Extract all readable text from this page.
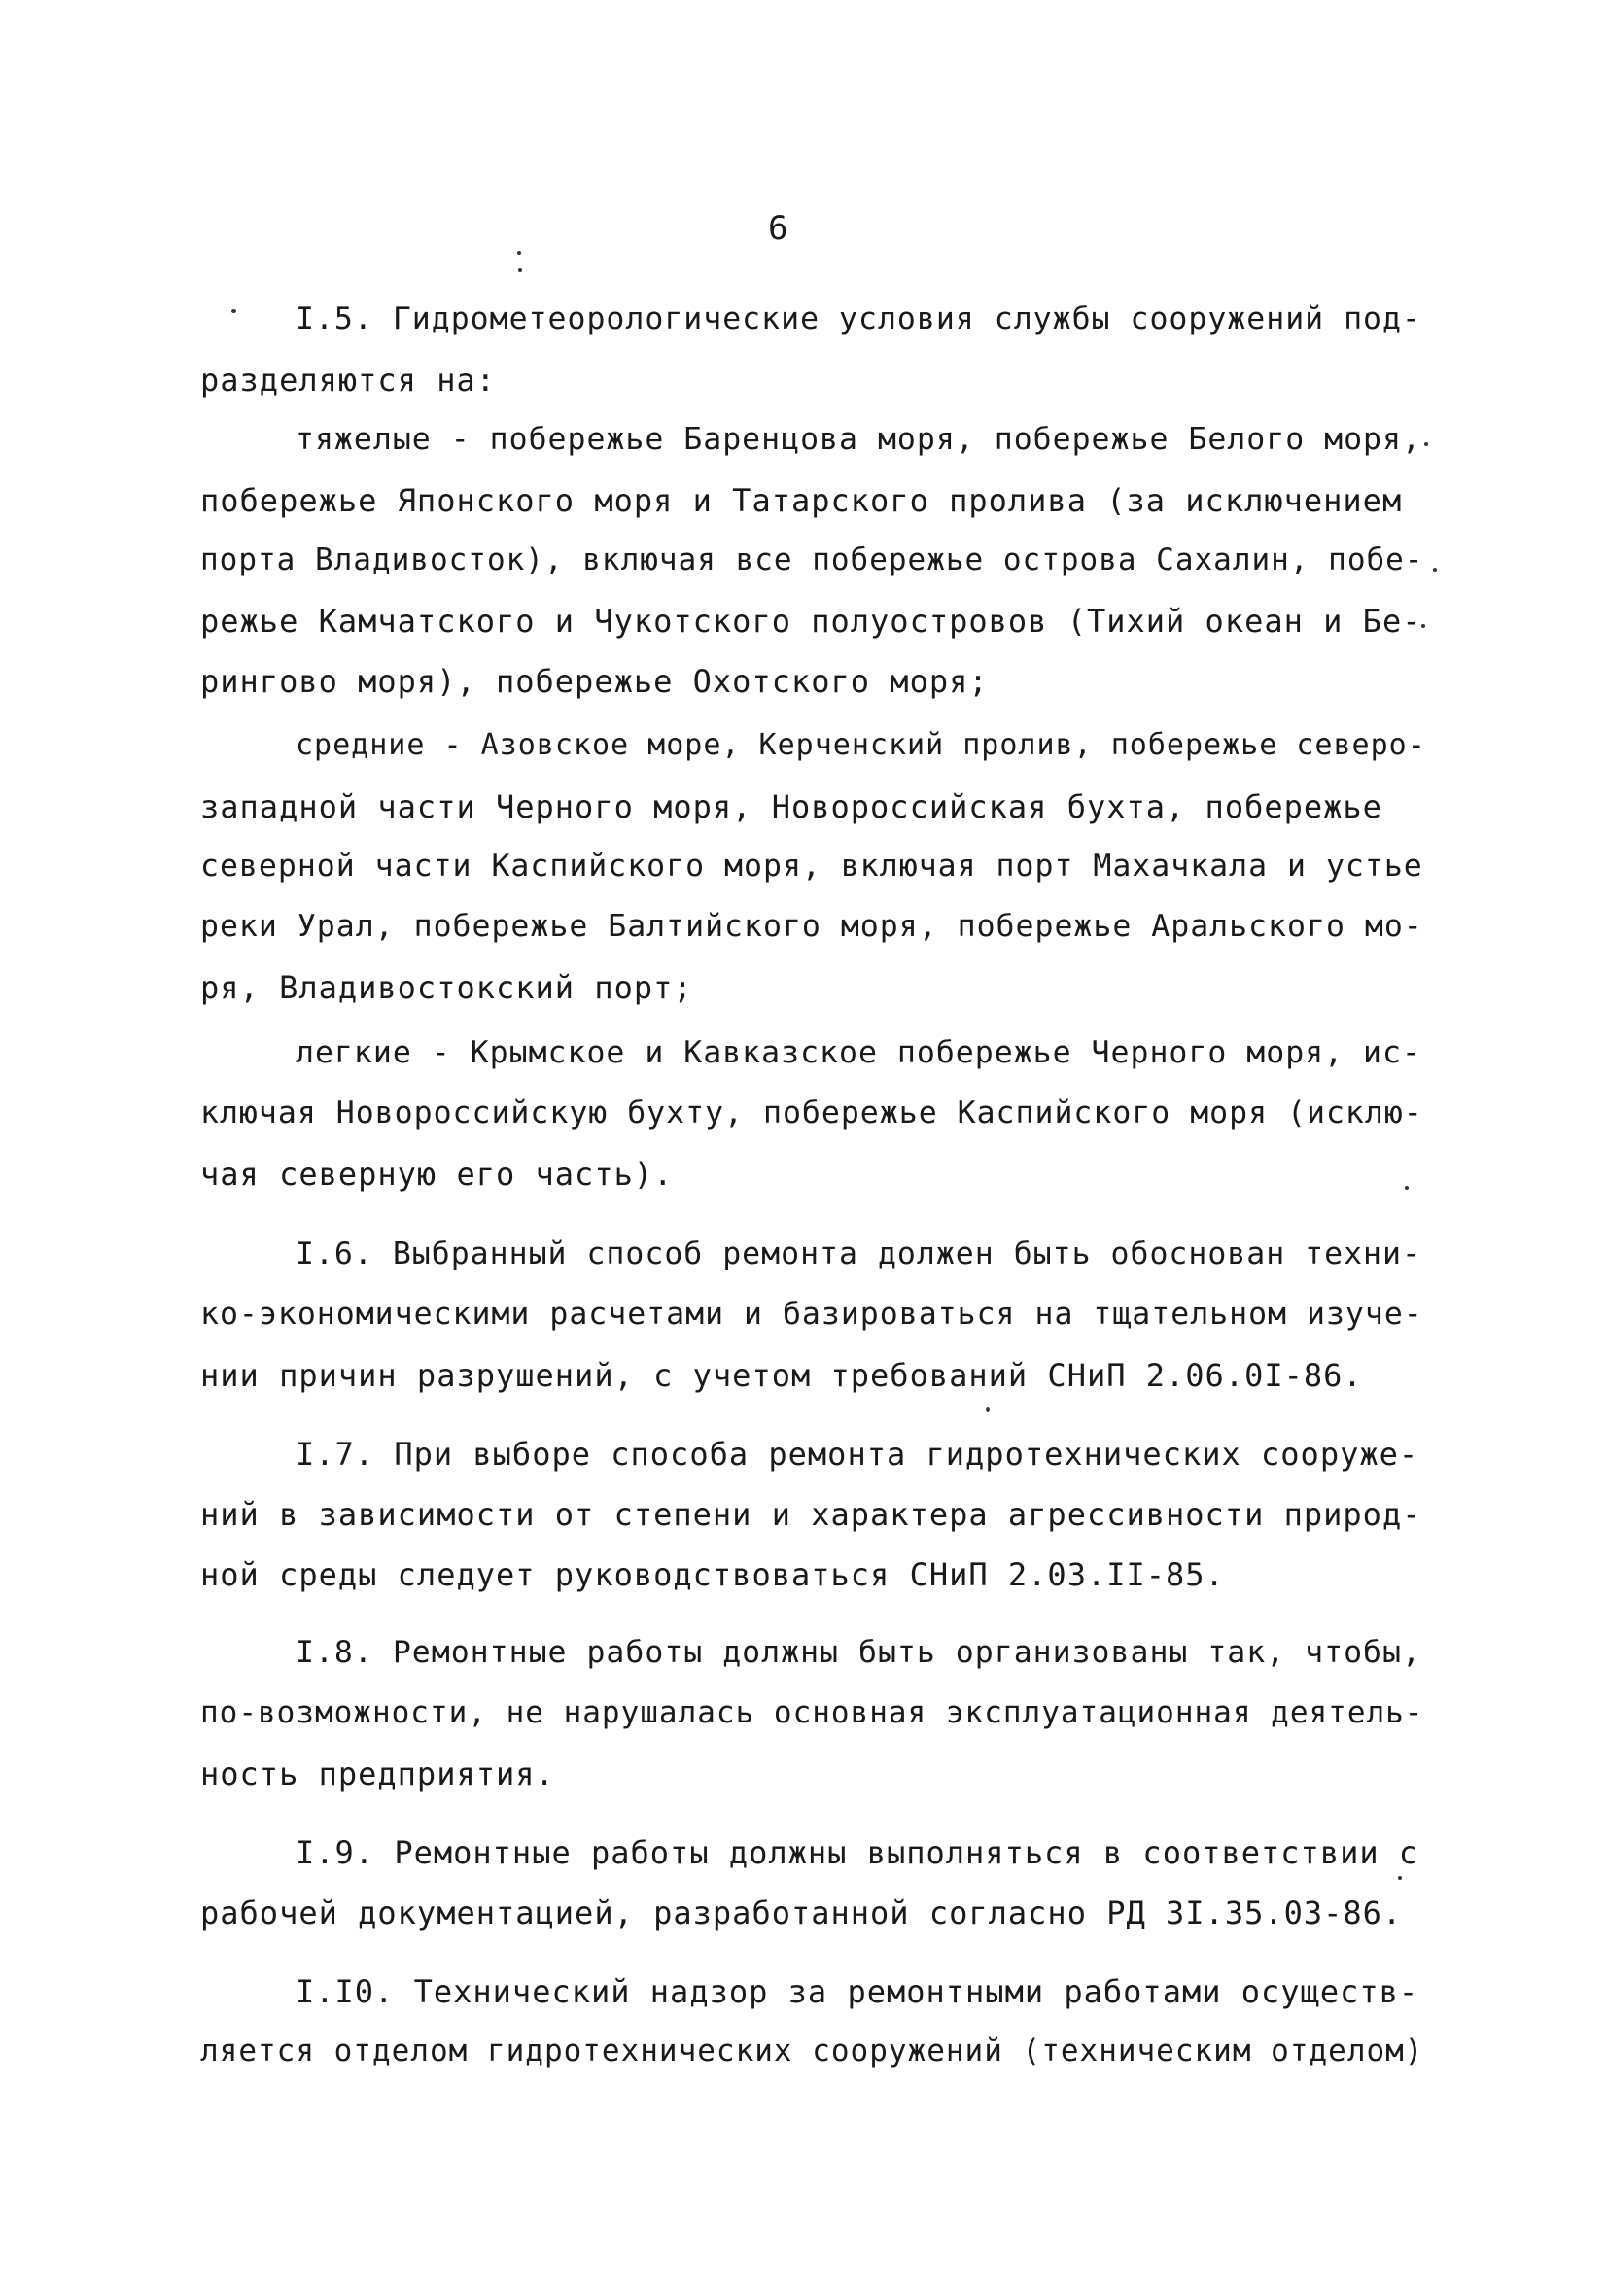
6
I.5. Гидрометеорологические условия службы сооружений под-
разделяются на:
тяжелые - побережье Баренцова моря, побережье Белого моря,
побережье Японского моря и Татарского пролива (за исключением
порта Владивосток), включая все побережье острова Сахалин, побе-
режье Камчатского и Чукотского полуостровов (Тихий океан и Бе-
рингово моря), побережье Охотского моря;
средние - Азовское море, Керченский пролив, побережье северо-
западной части Черного моря, Новороссийская бухта, побережье
северной части Каспийского моря, включая порт Махачкала и устье
реки Урал, побережье Балтийского моря, побережье Аральского мо-
ря, Владивостокский порт;
легкие - Крымское и Кавказское побережье Черного моря, ис-
ключая Новороссийскую бухту, побережье Каспийского моря (исклю-
чая северную его часть).
I.6. Выбранный способ ремонта должен быть обоснован техни-
ко-экономическими расчетами и базироваться на тщательном изуче-
нии причин разрушений, с учетом требований СНиП 2.06.0I-86.
I.7. При выборе способа ремонта гидротехнических сооруже-
ний в зависимости от степени и характера агрессивности природ-
ной среды следует руководствоваться СНиП 2.03.II-85.
I.8. Ремонтные работы должны быть организованы так, чтобы,
по-возможности, не нарушалась основная эксплуатационная деятель-
ность предприятия.
I.9. Ремонтные работы должны выполняться в соответствии с
рабочей документацией, разработанной согласно РД 3I.35.03-86.
I.I0. Технический надзор за ремонтными работами осуществ-
ляется отделом гидротехнических сооружений (техническим отделом)
